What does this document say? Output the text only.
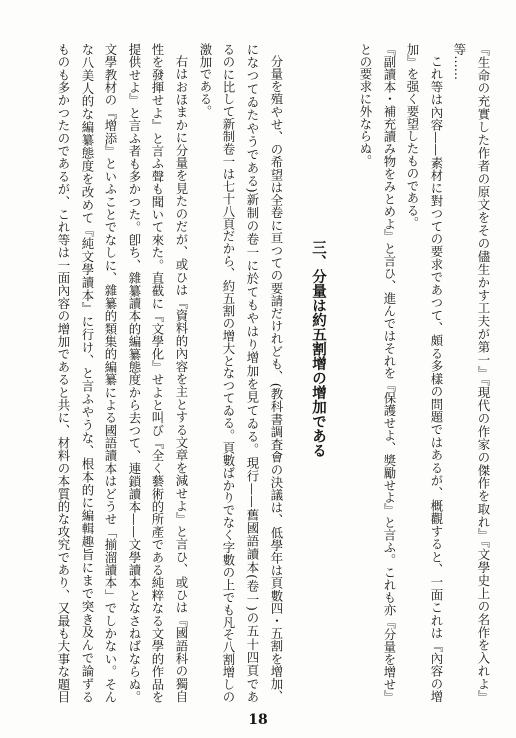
『生命の充實した作者の原文をその儘生かす工夫が第一』『現代の作家の傑作を取れ』『文學史上の名作を入れよ』
等……
これ等は內容——素材に對つての要求であつて、頗る多樣の問題ではあるが、概觀すると、一面これは『內容の增
加』を强く要望したものである。
『副讀本・補充讀み物をみとめよ』と言ひ、進んではそれを『保護せよ、獎勵せよ』と言ふ。これも亦『分量を增せ』
との要求に外ならぬ。
三、分量は約五割增の增加である
分量を殖やせ、の希望は全卷に亘つての要請だけれども、(教科書調査會の決議は、低學年は頁數四・五割を增加、
になつてゐたやうである)新制の卷一に於てもやはり增加を見てゐる。現行——舊國語讀本(卷一)の五十四頁であ
るのに比して新制卷一は七十八頁だから、約五割の增大となつてゐる。頁數ばかりでなく字數の上でも凡そ八割增しの
激加である。
右はおほまかに分量を見たのだが、或ひは『資料的內容を主とする文章を減せよ』と言ひ、或ひは『國語科の獨自
性を發揮せよ』と言ふ聲も聞いて來た。直截に『文學化』せよと叫び『全く藝術的所產である純粹なる文學的作品を
提供せよ』と言ふ者も多かつた。卽ち、雜纂讀本的編纂態度から去つて、連鎖讀本——文學讀本となさねばならぬ。
文學教材の『增添』といふことでなしに、雜纂的類集的編纂による國語讀本はどうせ「揃溜讀本」でしかない。そん
な八美人的な編纂態度を改めて『純文學讀本』に行け、と言ふやうな、根本的に編輯趣旨にまで突き及んで論ずる
ものも多かつたのであるが、これ等は一面內容の增加であると共に、材料の本質的な攻究であり、又最も大事な題目
18
